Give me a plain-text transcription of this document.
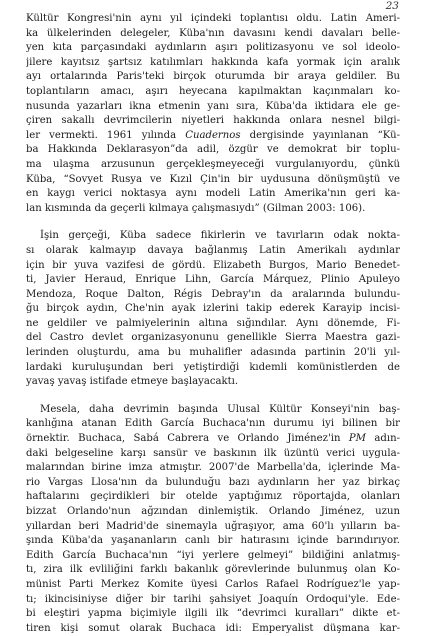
23
Kültür Kongresi'nin aynı yıl içindeki toplantısı oldu. Latin Ameri-
ka ülkelerinden delegeler, Küba'nın davasını kendi davaları belle-
yen kıta parçasındaki aydınların aşırı politizasyonu ve sol ideolo-
jilere kayıtsız şartsız katılımları hakkında kafa yormak için aralık
ayı ortalarında Paris'teki birçok oturumda bir araya geldiler. Bu
toplantıların amacı, aşırı heyecana kapılmaktan kaçınmaları ko-
nusunda yazarları ikna etmenin yanı sıra, Küba'da iktidara ele ge-
çiren sakallı devrimcilerin niyetleri hakkında onlara nesnel bilgi-
ler vermekti. 1961 yılında Cuadernos dergisinde yayınlanan “Kü-
ba Hakkında Deklarasyon”da adil, özgür ve demokrat bir toplu-
ma ulaşma arzusunun gerçekleşmeyeceği vurgulanıyordu, çünkü
Küba, “Sovyet Rusya ve Kızıl Çin'in bir uydusuna dönüşmüştü ve
en kaygı verici noktasya aynı modeli Latin Amerika'nın geri ka-
lan kısmında da geçerli kılmaya çalışmasıydı” (Gilman 2003: 106).
İşin gerçeği, Küba sadece fikirlerin ve tavırların odak nokta-
sı olarak kalmayıp davaya bağlanmış Latin Amerikalı aydınlar
için bir yuva vazifesi de gördü. Elizabeth Burgos, Mario Benedet-
ti, Javier Heraud, Enrique Lihn, García Márquez, Plinio Apuleyo
Mendoza, Roque Dalton, Régis Debray'ın da aralarında bulundu-
ğu birçok aydın, Che'nin ayak izlerini takip ederek Karayip incisi-
ne geldiler ve palmiyelerinin altına sığındılar. Aynı dönemde, Fi-
del Castro devlet organizasyonunu genellikle Sierra Maestra gazi-
lerinden oluşturdu, ama bu muhalifler adasında partinin 20'li yıl-
lardaki kuruluşundan beri yetiştirdiği kıdemli komünistlerden de
yavaş yavaş istifade etmeye başlayacaktı.
Mesela, daha devrimin başında Ulusal Kültür Konseyi'nin baş-
kanlığına atanan Edith García Buchaca'nın durumu iyi bilinen bir
örnektir. Buchaca, Sabá Cabrera ve Orlando Jiménez'in PM adın-
daki belgeseline karşı sansür ve baskının ilk üzüntü verici uygula-
malarından birine imza atmıştır. 2007'de Marbella'da, içlerinde Ma-
rio Vargas Llosa'nın da bulunduğu bazı aydınların her yaz birkaç
haftalarını geçirdikleri bir otelde yaptığımız röportajda, olanları
bizzat Orlando'nun ağzından dinlemiştik. Orlando Jiménez, uzun
yıllardan beri Madrid'de sinemayla uğraşıyor, ama 60'lı yılların ba-
şında Küba'da yaşananların canlı bir hatırasını içinde barındırıyor.
Edith García Buchaca'nın “iyi yerlere gelmeyi” bildiğini anlatmış-
tı, zira ilk evliliğini farklı bakanlık görevlerinde bulunmuş olan Ko-
münist Parti Merkez Komite üyesi Carlos Rafael Rodríguez'le yap-
tı; ikincisiniyse diğer bir tarihi şahsiyet Joaquín Ordoqui'yle. Ede-
bi eleştiri yapma biçimiyle ilgili ilk “devrimci kuralları” dikte et-
tiren kişi somut olarak Buchaca idi: Emperyalist düşmana kar-
